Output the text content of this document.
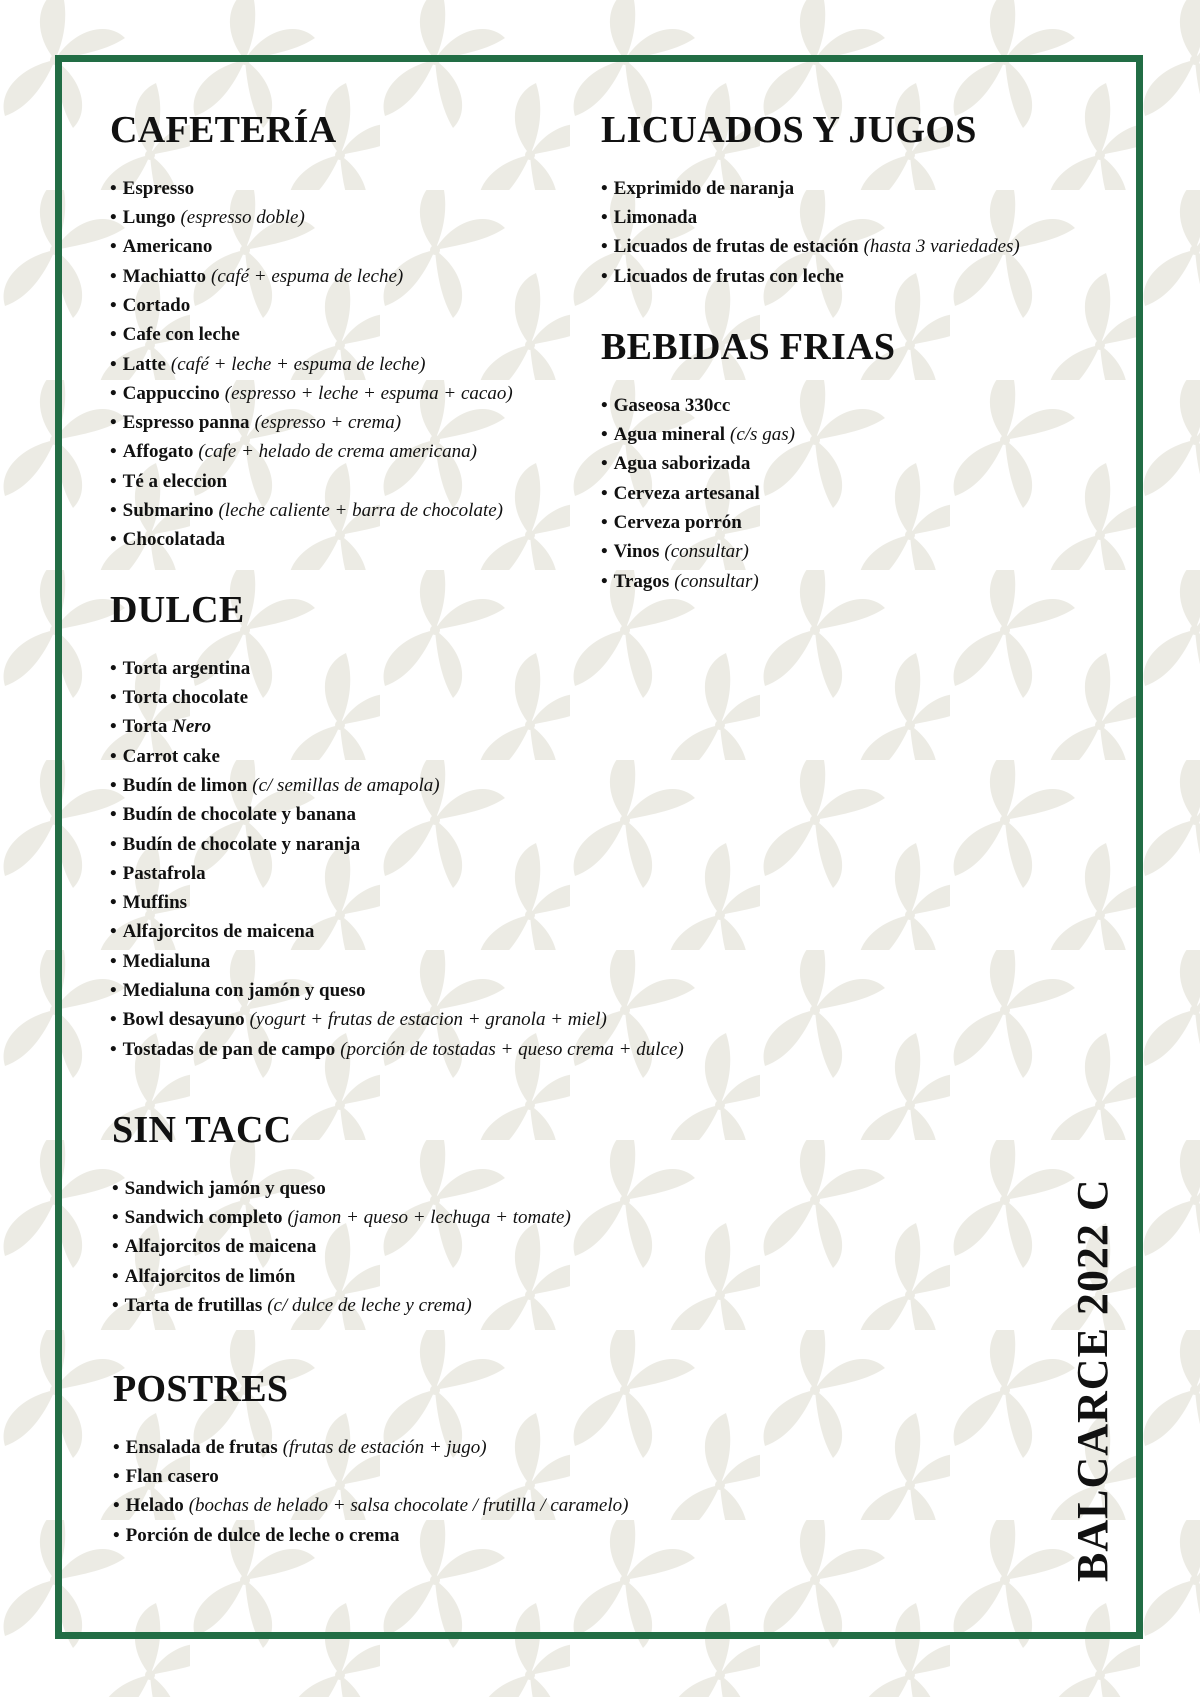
CAFETERÍA
• Espresso
• Lungo (espresso doble)
• Americano
• Machiatto (café + espuma de leche)
• Cortado
• Cafe con leche
• Latte (café + leche + espuma de leche)
• Cappuccino (espresso + leche + espuma + cacao)
• Espresso panna (espresso + crema)
• Affogato (cafe + helado de crema americana)
• Té a eleccion
• Submarino (leche caliente + barra de chocolate)
• Chocolatada
LICUADOS Y JUGOS
• Exprimido de naranja
• Limonada
• Licuados de frutas de estación (hasta 3 variedades)
• Licuados de frutas con leche
BEBIDAS FRIAS
• Gaseosa 330cc
• Agua mineral (c/s gas)
• Agua saborizada
• Cerveza artesanal
• Cerveza porrón
• Vinos (consultar)
• Tragos (consultar)
DULCE
• Torta argentina
• Torta chocolate
• Torta Nero
• Carrot cake
• Budín de limon (c/ semillas de amapola)
• Budín de chocolate y banana
• Budín de chocolate y naranja
• Pastafrola
• Muffins
• Alfajorcitos de maicena
• Medialuna
• Medialuna con jamón y queso
• Bowl desayuno (yogurt + frutas de estacion + granola + miel)
• Tostadas de pan de campo (porción de tostadas + queso crema + dulce)
SIN TACC
• Sandwich jamón y queso
• Sandwich completo (jamon + queso + lechuga + tomate)
• Alfajorcitos de maicena
• Alfajorcitos de limón
• Tarta de frutillas (c/ dulce de leche y crema)
POSTRES
• Ensalada de frutas (frutas de estación + jugo)
• Flan casero
• Helado (bochas de helado + salsa chocolate / frutilla / caramelo)
• Porción de dulce de leche o crema	BALCARCE 2022 C
